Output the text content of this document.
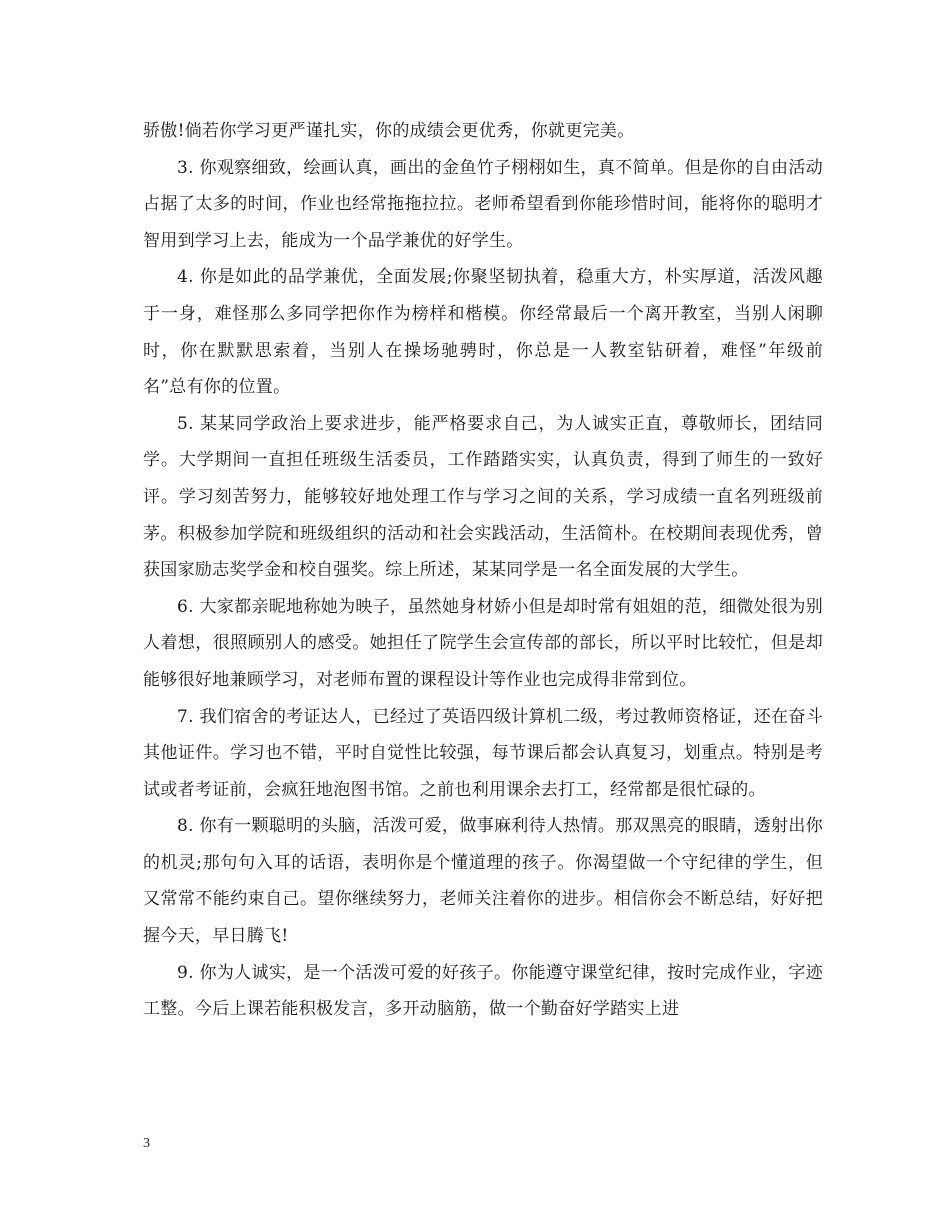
骄傲!倘若你学习更严谨扎实，你的成绩会更优秀，你就更完美。

3. 你观察细致，绘画认真，画出的金鱼竹子栩栩如生，真不简单。但是你的自由活动占据了太多的时间，作业也经常拖拖拉拉。老师希望看到你能珍惜时间，能将你的聪明才智用到学习上去，能成为一个品学兼优的好学生。

4. 你是如此的品学兼优，全面发展;你聚坚韧执着，稳重大方，朴实厚道，活泼风趣于一身，难怪那么多同学把你作为榜样和楷模。你经常最后一个离开教室，当别人闲聊时，你在默默思索着，当别人在操场驰骋时，你总是一人教室钻研着，难怪”年级前 名”总有你的位置。

5. 某某同学政治上要求进步，能严格要求自己，为人诚实正直，尊敬师长，团结同学。大学期间一直担任班级生活委员，工作踏踏实实，认真负责，得到了师生的一致好评。学习刻苦努力，能够较好地处理工作与学习之间的关系，学习成绩一直名列班级前茅。积极参加学院和班级组织的活动和社会实践活动，生活简朴。在校期间表现优秀，曾获国家励志奖学金和校自强奖。综上所述，某某同学是一名全面发展的大学生。

6. 大家都亲昵地称她为映子，虽然她身材娇小但是却时常有姐姐的范，细微处很为别人着想，很照顾别人的感受。她担任了院学生会宣传部的部长，所以平时比较忙，但是却能够很好地兼顾学习，对老师布置的课程设计等作业也完成得非常到位。

7. 我们宿舍的考证达人，已经过了英语四级计算机二级，考过教师资格证，还在奋斗其他证件。学习也不错，平时自觉性比较强，每节课后都会认真复习，划重点。特别是考试或者考证前，会疯狂地泡图书馆。之前也利用课余去打工，经常都是很忙碌的。

8. 你有一颗聪明的头脑，活泼可爱，做事麻利待人热情。那双黑亮的眼睛，透射出你的机灵;那句句入耳的话语，表明你是个懂道理的孩子。你渴望做一个守纪律的学生，但又常常不能约束自己。望你继续努力，老师关注着你的进步。相信你会不断总结，好好把握今天，早日腾飞!

9. 你为人诚实，是一个活泼可爱的好孩子。你能遵守课堂纪律，按时完成作业，字迹工整。今后上课若能积极发言，多开动脑筋，做一个勤奋好学踏实上进

3
